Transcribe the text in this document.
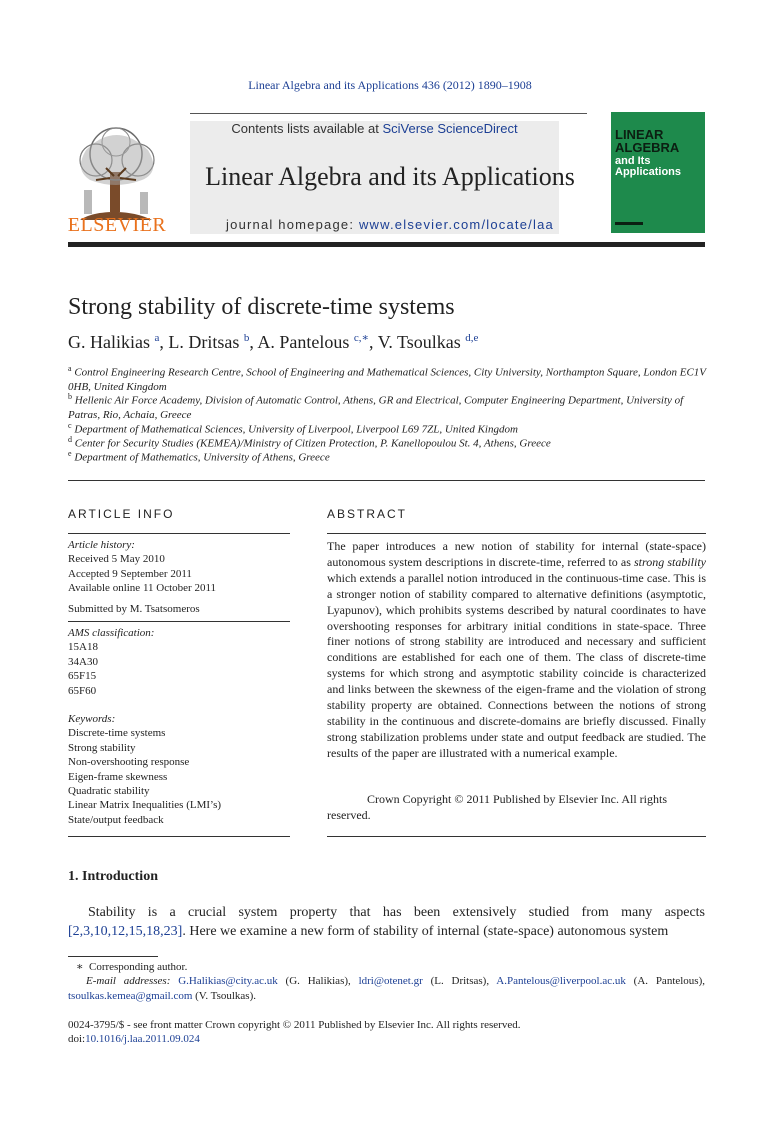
Linear Algebra and its Applications 436 (2012) 1890–1908
ELSEVIER
Contents lists available at SciVerse ScienceDirect
Linear Algebra and its Applications
journal homepage: www.elsevier.com/locate/laa
LINEAR
ALGEBRA
and Its
Applications
Strong stability of discrete-time systems
G. Halikias $^a$, L. Dritsas $^b$, A. Pantelous $^{c,∗}$, V. Tsoulkas $^{d,e}$
$^a$ Control Engineering Research Centre, School of Engineering and Mathematical Sciences, City University, Northampton Square, London EC1V 0HB, United Kingdom
$^b$ Hellenic Air Force Academy, Division of Automatic Control, Athens, GR and Electrical, Computer Engineering Department, University of Patras, Rio, Achaia, Greece
$^c$ Department of Mathematical Sciences, University of Liverpool, Liverpool L69 7ZL, United Kingdom
$^d$ Center for Security Studies (KEMEA)/Ministry of Citizen Protection, P. Kanellopoulou St. 4, Athens, Greece
$^e$ Department of Mathematics, University of Athens, Greece
ARTICLE INFO
Article history:
Received 5 May 2010
Accepted 9 September 2011
Available online 11 October 2011
Submitted by M. Tsatsomeros
AMS classification:
15A18
34A30
65F15
65F60
Keywords:
Discrete-time systems
Strong stability
Non-overshooting response
Eigen-frame skewness
Quadratic stability
Linear Matrix Inequalities (LMI’s)
State/output feedback
ABSTRACT
The paper introduces a new notion of stability for internal (state-space) autonomous system descriptions in discrete-time, referred to as strong stability which extends a parallel notion introduced in the continuous-time case. This is a stronger notion of stability compared to alternative definitions (asymptotic, Lyapunov), which prohibits systems described by natural coordinates to have overshooting responses for arbitrary initial conditions in state-space. Three finer notions of strong stability are introduced and necessary and sufficient conditions are established for each one of them. The class of discrete-time systems for which strong and asymptotic stability coincide is characterized and links between the skewness of the eigen-frame and the violation of strong stability property are obtained. Connections between the notions of strong stability in the continuous and discrete-domains are briefly discussed. Finally strong stabilization problems under state and output feedback are studied. The results of the paper are illustrated with a numerical example.
Crown Copyright © 2011 Published by Elsevier Inc. All rights reserved.
1. Introduction
Stability is a crucial system property that has been extensively studied from many aspects [2,3,10,12,15,18,23]. Here we examine a new form of stability of internal (state-space) autonomous system
∗ Corresponding author.
E-mail addresses: G.Halikias@city.ac.uk (G. Halikias), ldri@otenet.gr (L. Dritsas), A.Pantelous@liverpool.ac.uk (A. Pantelous), tsoulkas.kemea@gmail.com (V. Tsoulkas).
0024-3795/$ - see front matter Crown copyright © 2011 Published by Elsevier Inc. All rights reserved.
doi:10.1016/j.laa.2011.09.024
